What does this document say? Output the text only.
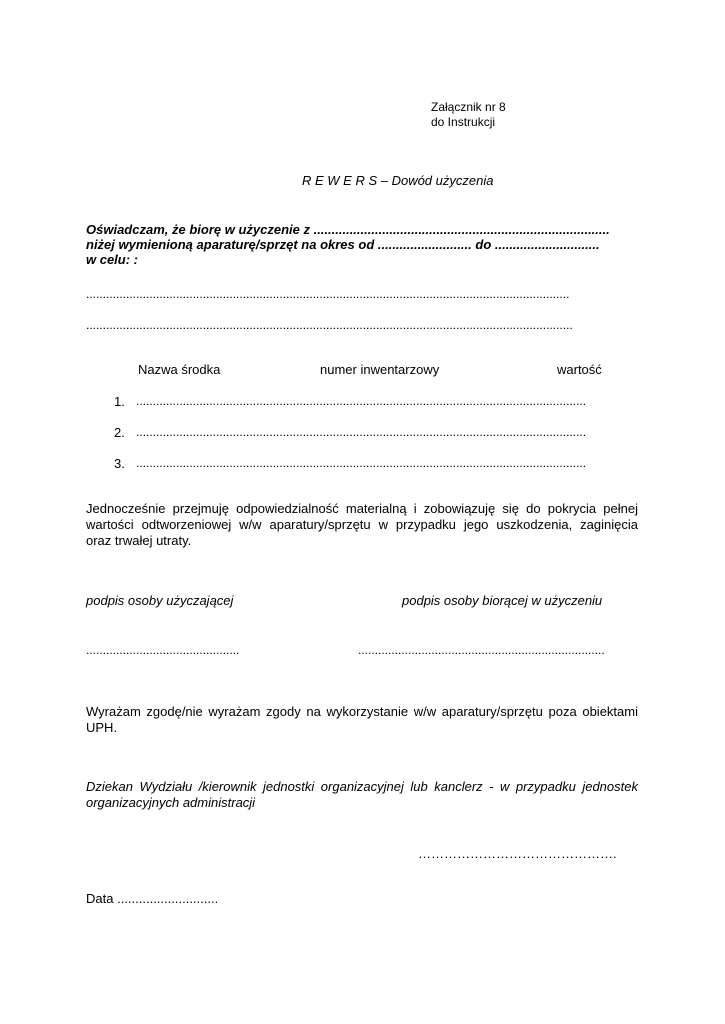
Załącznik nr 8
do Instrukcji
R E W E R S – Dowód użyczenia
Oświadczam, że biorę w użyczenie z ..................................................................................
niżej wymienioną aparaturę/sprzęt na okres od .......................... do .............................
w celu: :
.................................................................................................................................................
..................................................................................................................................................
Nazwa środka	numer inwentarzowy	wartość
1. .......................................................................................................................................
2. .......................................................................................................................................
3. .......................................................................................................................................
Jednocześnie przejmuję odpowiedzialność materialną i zobowiązuję się do pokrycia pełnej
wartości odtworzeniowej w/w aparatury/sprzętu w przypadku jego uszkodzenia, zaginięcia
oraz trwałej utraty.
podpis osoby użyczającej	podpis osoby biorącej w użyczeniu
..............................................	..........................................................................
Wyrażam zgodę/nie wyrażam zgody na wykorzystanie w/w aparatury/sprzętu poza obiektami
UPH.
Dziekan Wydziału /kierownik jednostki organizacyjnej lub kanclerz - w przypadku jednostek
organizacyjnych administracji
……………………………………….
Data ............................
